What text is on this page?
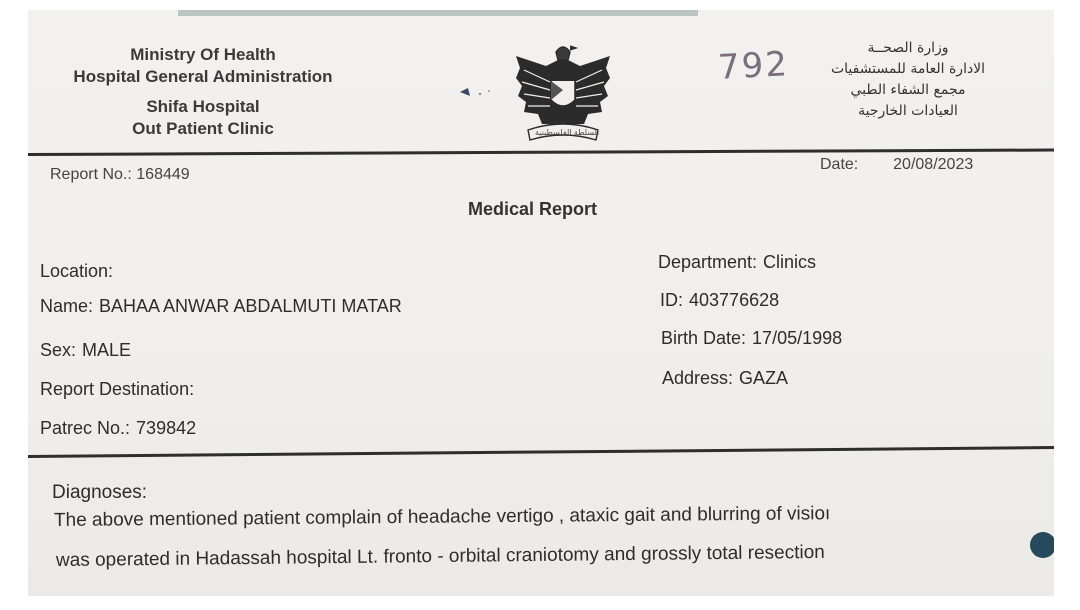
Ministry Of Health
Hospital General Administration
Shifa Hospital
Out Patient Clinic	السلطة الفلسطينية
792	وزارة الصحــة
الادارة العامة للمستشفيات
مجمع الشفاء الطبي
العيادات الخارجية
Report No.: 168449
Date: 20/08/2023
Medical Report
Location:
Name: BAHAA ANWAR ABDALMUTI MATAR
Sex: MALE
Report Destination:
Patrec No.: 739842
Department: Clinics
ID: 403776628
Birth Date: 17/05/1998
Address: GAZA
Diagnoses:
The above mentioned patient complain of headache vertigo , ataxic gait and blurring of visioı
was operated in Hadassah hospital Lt. fronto - orbital craniotomy and grossly total resection
